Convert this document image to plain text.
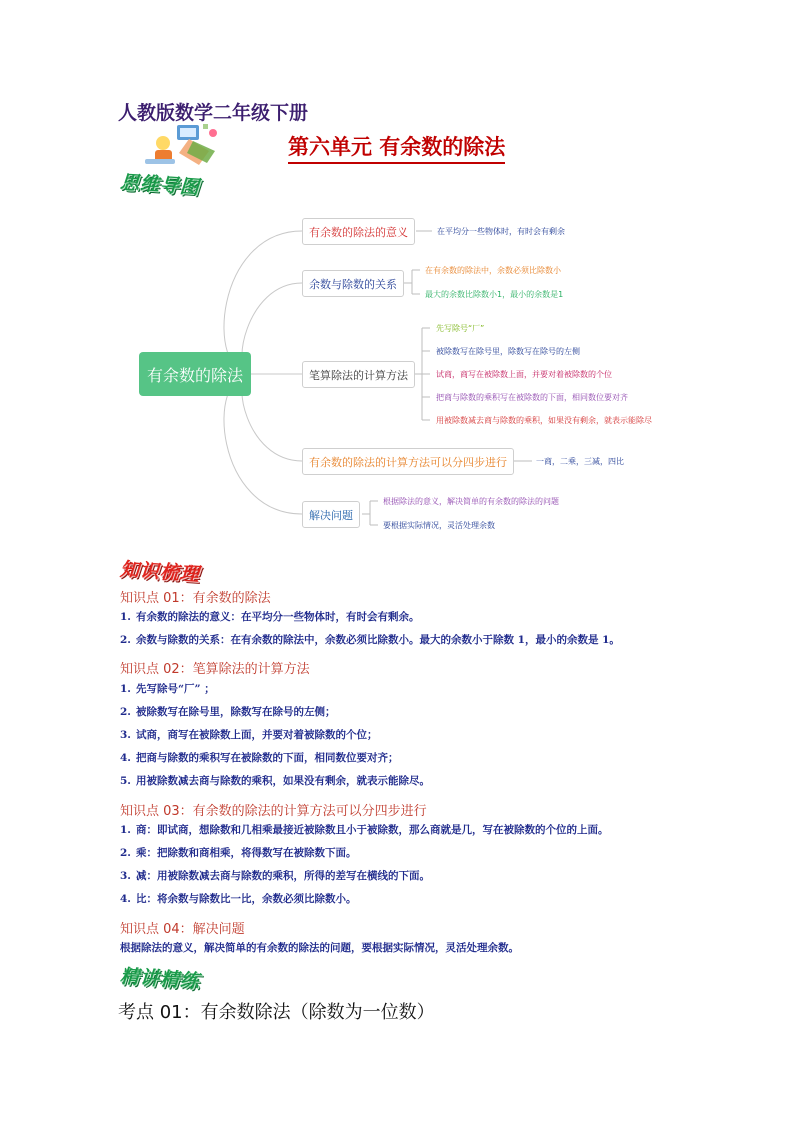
人教版数学二年级下册
第六单元 有余数的除法
思维导图
有余数的除法
有余数的除法的意义
余数与除数的关系
笔算除法的计算方法
有余数的除法的计算方法可以分四步进行
解决问题
在平均分一些物体时，有时会有剩余
在有余数的除法中，余数必须比除数小
最大的余数比除数小1，最小的余数是1
先写除号“厂”
被除数写在除号里，除数写在除号的左侧
试商，商写在被除数上面，并要对着被除数的个位
把商与除数的乘积写在被除数的下面，相同数位要对齐
用被除数减去商与除数的乘积，如果没有剩余，就表示能除尽
一商，二乘，三减，四比
根据除法的意义，解决简单的有余数的除法的问题
要根据实际情况，灵活处理余数
知识梳理
知识点 01：有余数的除法
1. 有余数的除法的意义：在平均分一些物体时，有时会有剩余。
2. 余数与除数的关系：在有余数的除法中，余数必须比除数小。最大的余数小于除数 1，最小的余数是 1。
知识点 02：笔算除法的计算方法
1. 先写除号“厂” ；
2. 被除数写在除号里，除数写在除号的左侧；
3. 试商，商写在被除数上面，并要对着被除数的个位；
4. 把商与除数的乘积写在被除数的下面，相同数位要对齐；
5. 用被除数减去商与除数的乘积，如果没有剩余，就表示能除尽。
知识点 03：有余数的除法的计算方法可以分四步进行
1. 商：即试商，想除数和几相乘最接近被除数且小于被除数，那么商就是几，写在被除数的个位的上面。
2. 乘：把除数和商相乘，将得数写在被除数下面。
3. 减：用被除数减去商与除数的乘积，所得的差写在横线的下面。
4. 比：将余数与除数比一比，余数必须比除数小。
知识点 04：解决问题
根据除法的意义，解决简单的有余数的除法的问题，要根据实际情况，灵活处理余数。
精讲精练
考点 01：有余数除法（除数为一位数）
